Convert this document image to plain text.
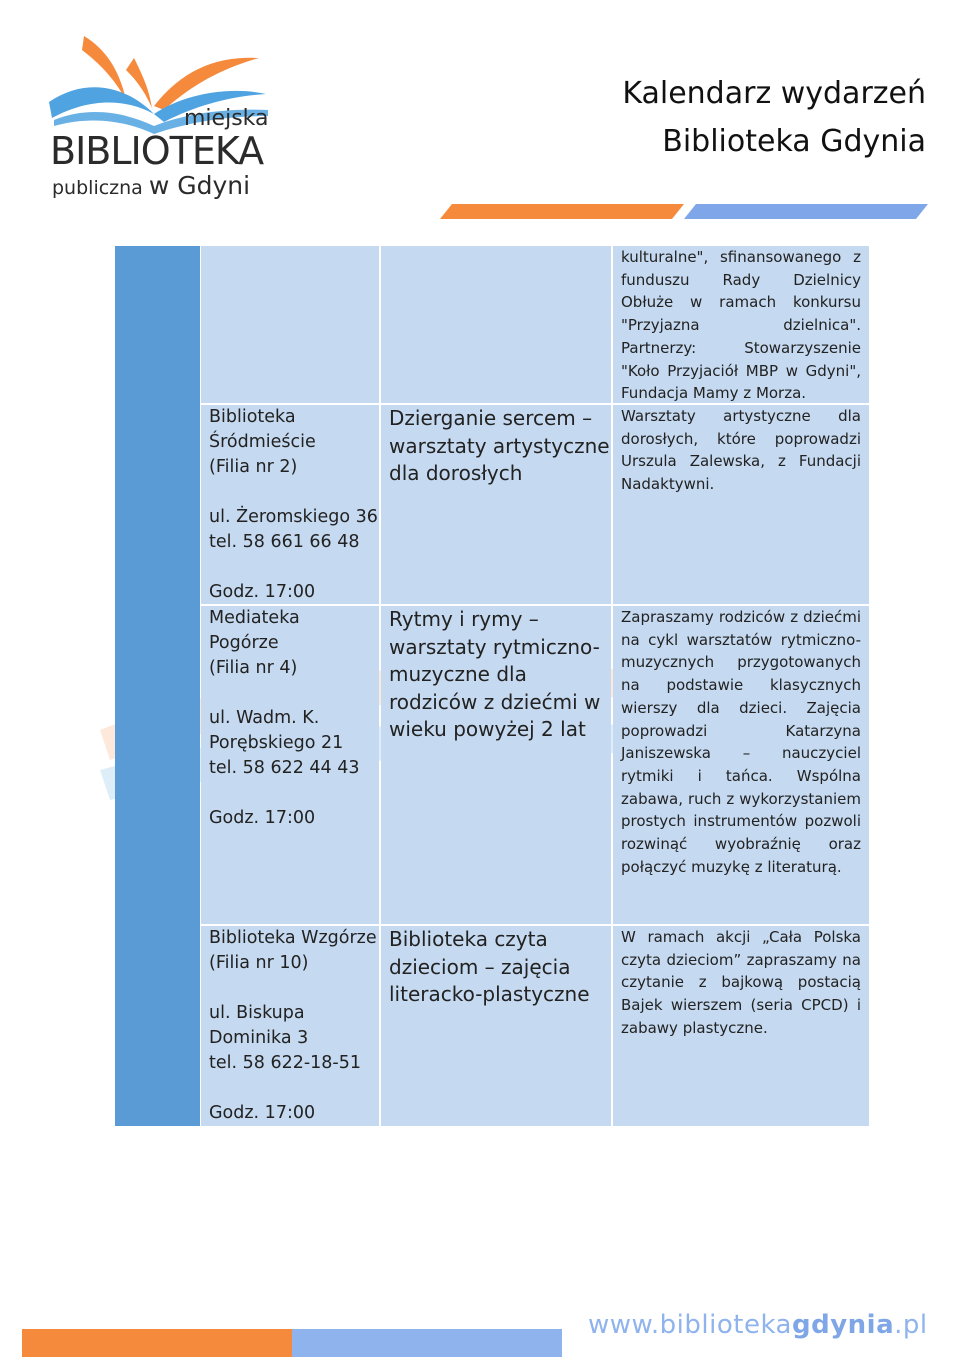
miejska
BIBLIOTEKA
publiczna w Gdyni
Kalendarz wydarzeń
Biblioteka Gdynia
kulturalne", sfinansowanego z funduszu Rady Dzielnicy Obłuże w ramach konkursu "Przyjazna dzielnica". Partnerzy: Stowarzyszenie "Koło Przyjaciół MBP w Gdyni", Fundacja Mamy z Morza.
Biblioteka
Śródmieście
(Filia nr 2)

ul. Żeromskiego 36
tel. 58 661 66 48

Godz. 17:00
Dzierganie sercem – warsztaty artystyczne dla dorosłych
Warsztaty artystyczne dla dorosłych, które poprowadzi Urszula Zalewska, z Fundacji Nadaktywni.
Mediateka
Pogórze
(Filia nr 4)

ul. Wadm. K.
Porębskiego 21
tel. 58 622 44 43

Godz. 17:00
Rytmy i rymy – warsztaty rytmiczno-muzyczne dla rodziców z dziećmi w wieku powyżej 2 lat
Zapraszamy rodziców z dziećmi na cykl warsztatów rytmiczno-muzycznych przygotowanych na podstawie klasycznych wierszy dla dzieci. Zajęcia poprowadzi Katarzyna Janiszewska – nauczyciel rytmiki i tańca. Wspólna zabawa, ruch z wykorzystaniem prostych instrumentów pozwoli rozwinąć wyobraźnię oraz połączyć muzykę z literaturą.
Biblioteka Wzgórze
(Filia nr 10)

ul. Biskupa
Dominika 3
tel. 58 622-18-51

Godz. 17:00
Biblioteka czyta dzieciom – zajęcia literacko-plastyczne
W ramach akcji „Cała Polska czyta dzieciom” zapraszamy na czytanie z bajkową postacią Bajek wierszem (seria CPCD) i zabawy plastyczne.
www.bibliotekagdynia.pl
